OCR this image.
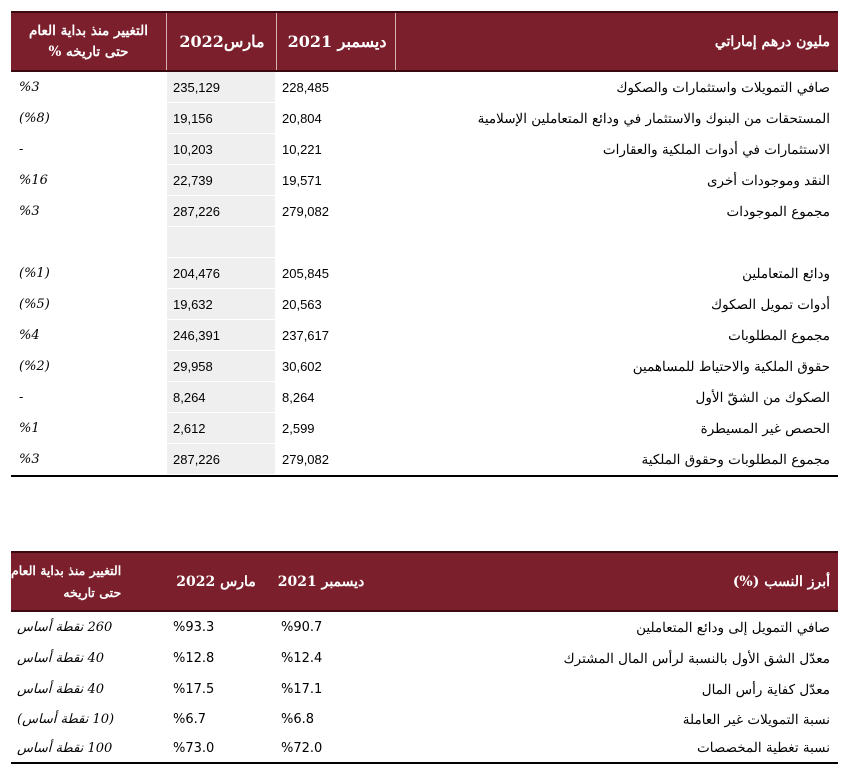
مليون درهم إماراتي
ديسمبر 2021
مارس2022
التغيير منذ بداية العام
حتى تاريخه %
صافي التمويلات واستثمارات والصكوك
228,485
235,129
%3
المستحقات من البنوك والاستثمار في ودائع المتعاملين الإسلامية
20,804
19,156
(%8)
الاستثمارات في أدوات الملكية والعقارات
10,221
10,203
-
النقد وموجودات أخرى
19,571
22,739
%16
مجموع الموجودات
279,082
287,226
%3
ودائع المتعاملين
205,845
204,476
(%1)
أدوات تمويل الصكوك
20,563
19,632
(%5)
مجموع المطلوبات
237,617
246,391
%4
حقوق الملكية والاحتياط للمساهمين
30,602
29,958
(%2)
الصكوك من الشقّ الأول
8,264
8,264
-
الحصص غير المسيطرة
2,599
2,612
%1
مجموع المطلوبات وحقوق الملكية
279,082
287,226
%3
أبرز النسب (%)
ديسمبر 2021
مارس 2022
التغيير منذ بداية العام
حتى تاريخه
صافي التمويل إلى ودائع المتعاملين
%90.7
%93.3
260 نقطة أساس
معدّل الشق الأول بالنسبة لرأس المال المشترك
%12.4
%12.8
40 نقطة أساس
معدّل كفاية رأس المال
%17.1
%17.5
40 نقطة أساس
نسبة التمويلات غير العاملة
%6.8
%6.7
(10 نقطة أساس)
نسبة تغطية المخصصات
%72.0
%73.0
100 نقطة أساس
